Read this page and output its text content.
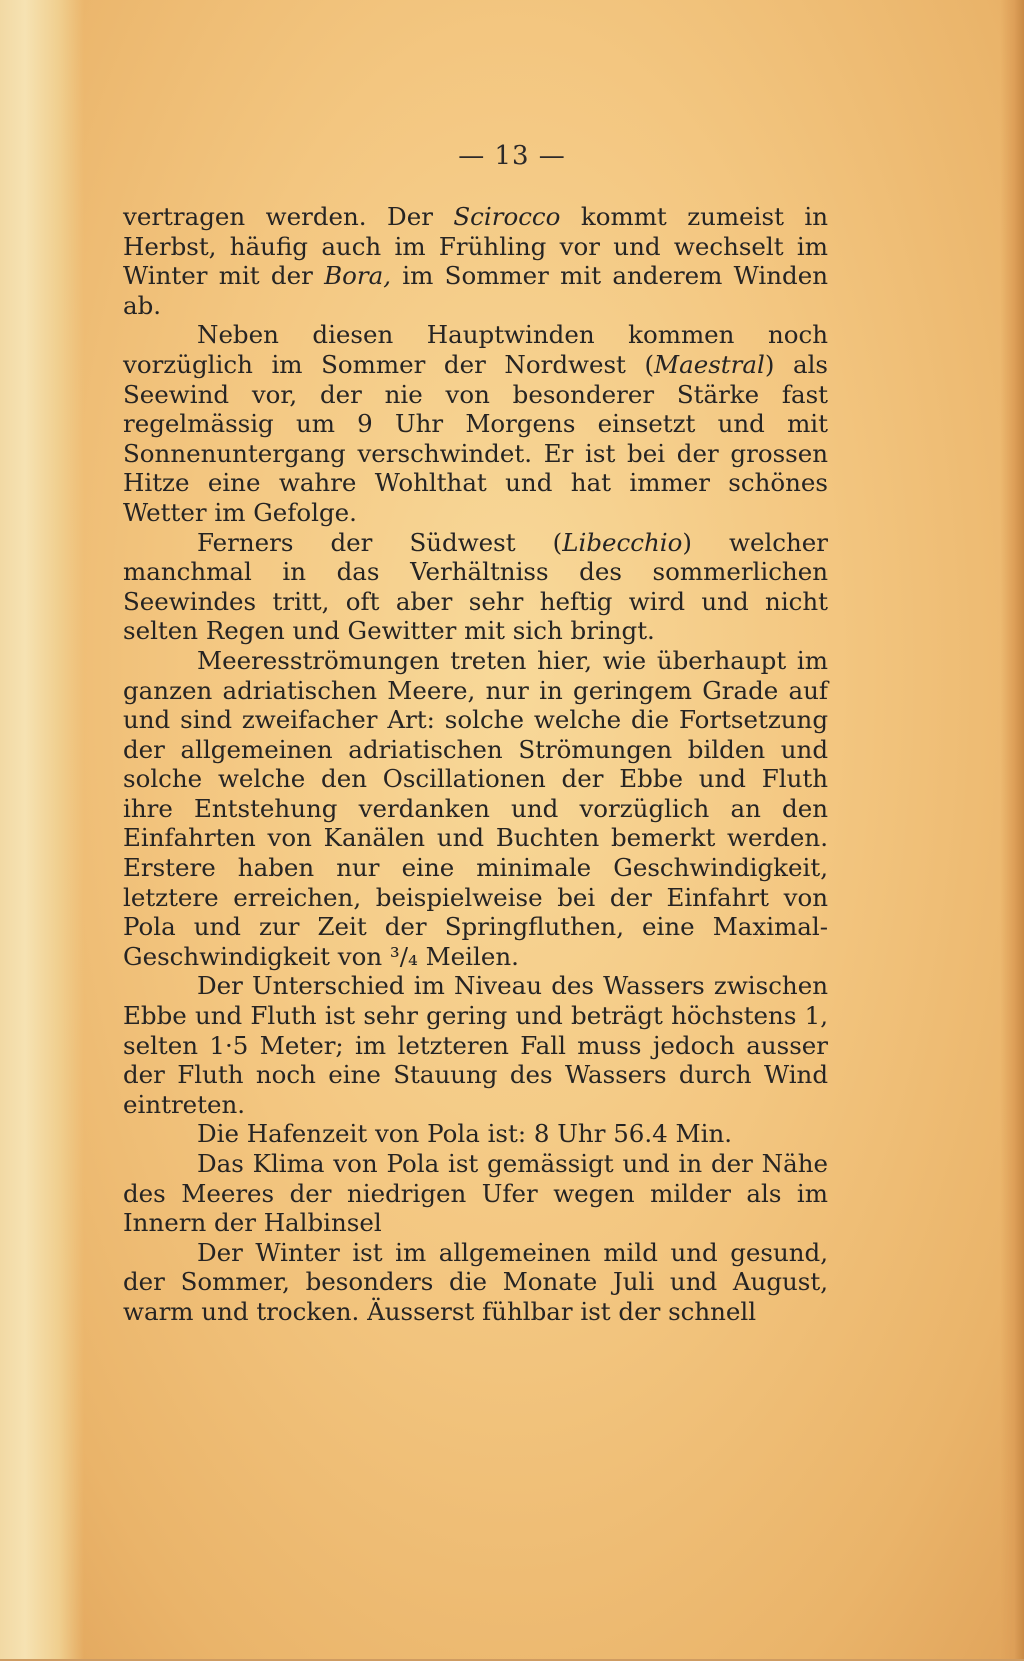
— 13 —

vertragen werden. Der Scirocco kommt zumeist in Herbst, häufig auch im Frühling vor und wechselt im Winter mit der Bora, im Sommer mit anderem Winden ab.

Neben diesen Hauptwinden kommen noch vorzüglich im Sommer der Nordwest (Maestral) als Seewind vor, der nie von besonderer Stärke fast regelmässig um 9 Uhr Morgens einsetzt und mit Sonnenuntergang verschwindet. Er ist bei der grossen Hitze eine wahre Wohlthat und hat immer schönes Wetter im Gefolge.

Ferners der Südwest (Libecchio) welcher manchmal in das Verhältniss des sommerlichen Seewindes tritt, oft aber sehr heftig wird und nicht selten Regen und Gewitter mit sich bringt.

Meeresströmungen treten hier, wie überhaupt im ganzen adriatischen Meere, nur in geringem Grade auf und sind zweifacher Art: solche welche die Fortsetzung der allgemeinen adriatischen Strömungen bilden und solche welche den Oscillationen der Ebbe und Fluth ihre Entstehung verdanken und vorzüglich an den Einfahrten von Kanälen und Buchten bemerkt werden. Erstere haben nur eine minimale Geschwindigkeit, letztere erreichen, beispielweise bei der Einfahrt von Pola und zur Zeit der Springfluthen, eine Maximal-Geschwindigkeit von ³/₄ Meilen.

Der Unterschied im Niveau des Wassers zwischen Ebbe und Fluth ist sehr gering und beträgt höchstens 1, selten 1·5 Meter; im letzteren Fall muss jedoch ausser der Fluth noch eine Stauung des Wassers durch Wind eintreten.

Die Hafenzeit von Pola ist: 8 Uhr 56.4 Min.

Das Klima von Pola ist gemässigt und in der Nähe des Meeres der niedrigen Ufer wegen milder als im Innern der Halbinsel

Der Winter ist im allgemeinen mild und gesund, der Sommer, besonders die Monate Juli und August, warm und trocken. Äusserst fühlbar ist der schnell
